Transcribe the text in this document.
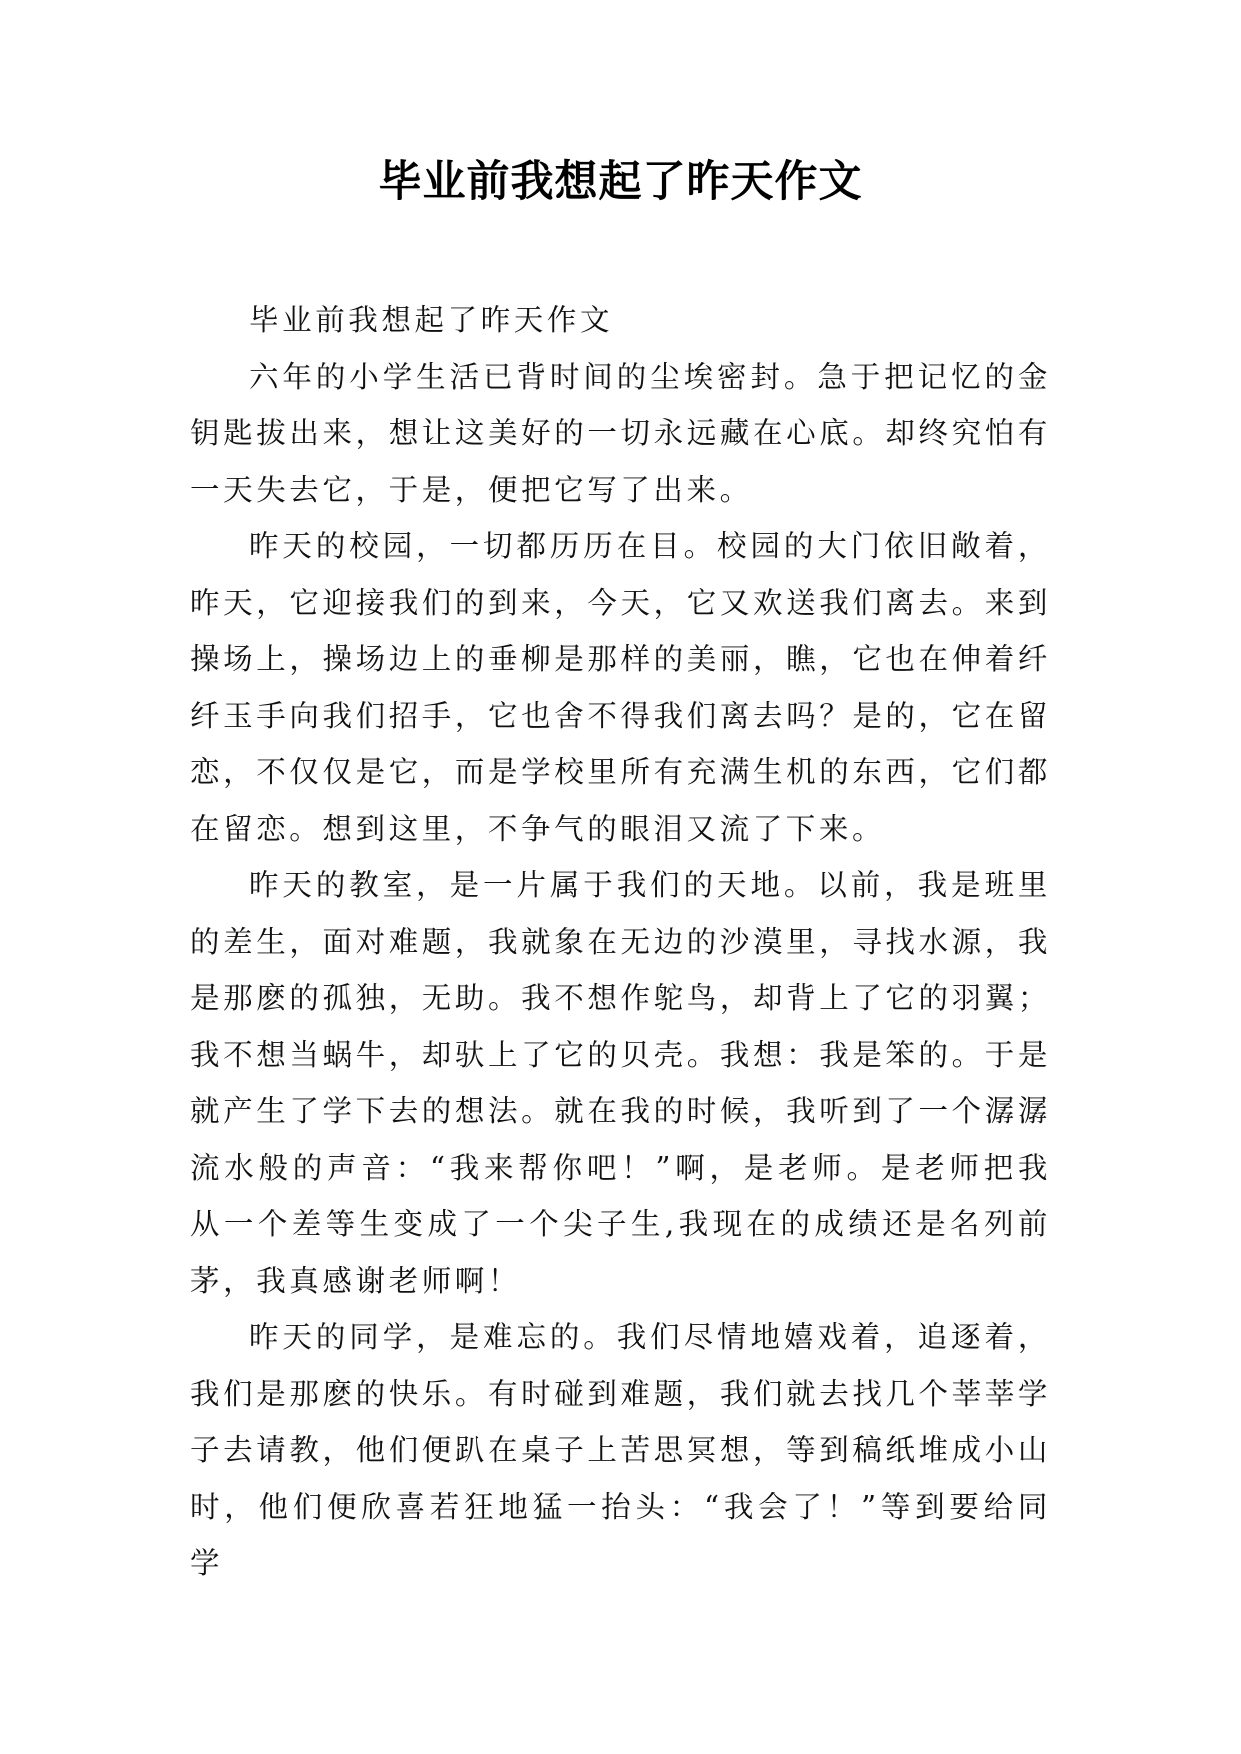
毕业前我想起了昨天作文

毕业前我想起了昨天作文

六年的小学生活已背时间的尘埃密封。急于把记忆的金钥匙拔出来，想让这美好的一切永远藏在心底。却终究怕有一天失去它，于是，便把它写了出来。

昨天的校园，一切都历历在目。校园的大门依旧敞着，昨天，它迎接我们的到来，今天，它又欢送我们离去。来到操场上，操场边上的垂柳是那样的美丽，瞧，它也在伸着纤纤玉手向我们招手，它也舍不得我们离去吗？是的，它在留恋，不仅仅是它，而是学校里所有充满生机的东西，它们都在留恋。想到这里，不争气的眼泪又流了下来。

昨天的教室，是一片属于我们的天地。以前，我是班里的差生，面对难题，我就象在无边的沙漠里，寻找水源，我是那麽的孤独，无助。我不想作鸵鸟，却背上了它的羽翼；我不想当蜗牛，却驮上了它的贝壳。我想：我是笨的。于是就产生了学下去的想法。就在我的时候，我听到了一个潺潺流水般的声音：“我来帮你吧！”啊，是老师。是老师把我从一个差等生变成了一个尖子生,我现在的成绩还是名列前茅，我真感谢老师啊！

昨天的同学，是难忘的。我们尽情地嬉戏着，追逐着，我们是那麽的快乐。有时碰到难题，我们就去找几个莘莘学子去请教，他们便趴在桌子上苦思冥想，等到稿纸堆成小山时，他们便欣喜若狂地猛一抬头：“我会了！”等到要给同学
